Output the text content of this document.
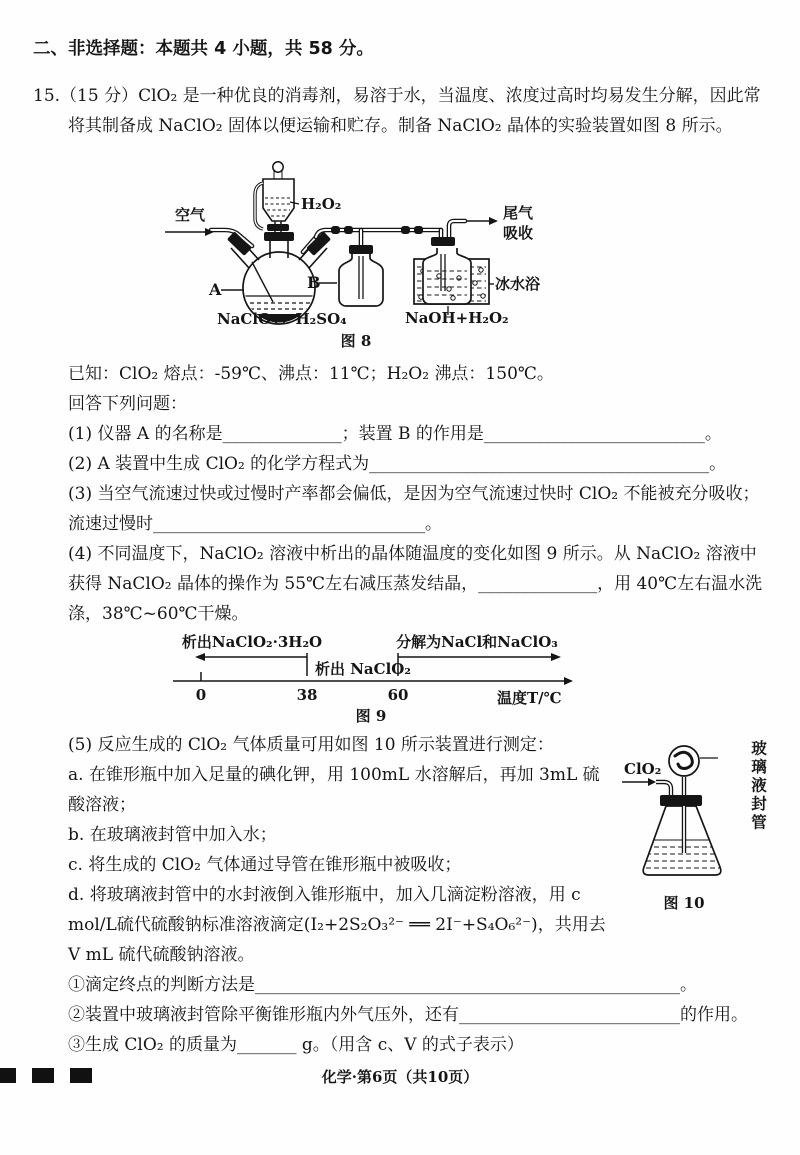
二、非选择题：本题共 4 小题，共 58 分。

15.（15 分）ClO₂ 是一种优良的消毒剂，易溶于水，当温度、浓度过高时均易发生分解，因此常将其制备成 NaClO₂ 固体以便运输和贮存。制备 NaClO₂ 晶体的实验装置如图 8 所示。

空气
A
NaClO₃+ H₂SO₄
H₂O₂
B	冰水浴
NaOH+H₂O₂
尾气
吸收
图 8

已知：ClO₂ 熔点：-59℃、沸点：11℃；H₂O₂ 沸点：150℃。

回答下列问题：

(1) 仪器 A 的名称是______________；装置 B 的作用是__________________________。

(2) A 装置中生成 ClO₂ 的化学方程式为________________________________________。

(3) 当空气流速过快或过慢时产率都会偏低，是因为空气流速过快时 ClO₂ 不能被充分吸收；流速过慢时________________________________。

(4) 不同温度下，NaClO₂ 溶液中析出的晶体随温度的变化如图 9 所示。从 NaClO₂ 溶液中获得 NaClO₂ 晶体的操作为 55℃左右减压蒸发结晶，______________，用 40℃左右温水洗涤，38℃~60℃干燥。

析出NaClO₂·3H₂O	分解为NaCl和NaClO₃
析出 NaClO₂
0	38	60	温度T/℃
图 9
ClO₂	玻璃液封管
图 10

(5) 反应生成的 ClO₂ 气体质量可用如图 10 所示装置进行测定：

a. 在锥形瓶中加入足量的碘化钾，用 100mL 水溶解后，再加 3mL 硫酸溶液；

b. 在玻璃液封管中加入水；

c. 将生成的 ClO₂ 气体通过导管在锥形瓶中被吸收；

d. 将玻璃液封管中的水封液倒入锥形瓶中，加入几滴淀粉溶液，用 c mol/L硫代硫酸钠标准溶液滴定(I₂+2S₂O₃²⁻ ══ 2I⁻+S₄O₆²⁻)，共用去 V mL 硫代硫酸钠溶液。

①滴定终点的判断方法是__________________________________________________。

②装置中玻璃液封管除平衡锥形瓶内外气压外，还有__________________________的作用。

③生成 ClO₂ 的质量为_______ g。（用含 c、V 的式子表示）

化学·第6页（共10页）
